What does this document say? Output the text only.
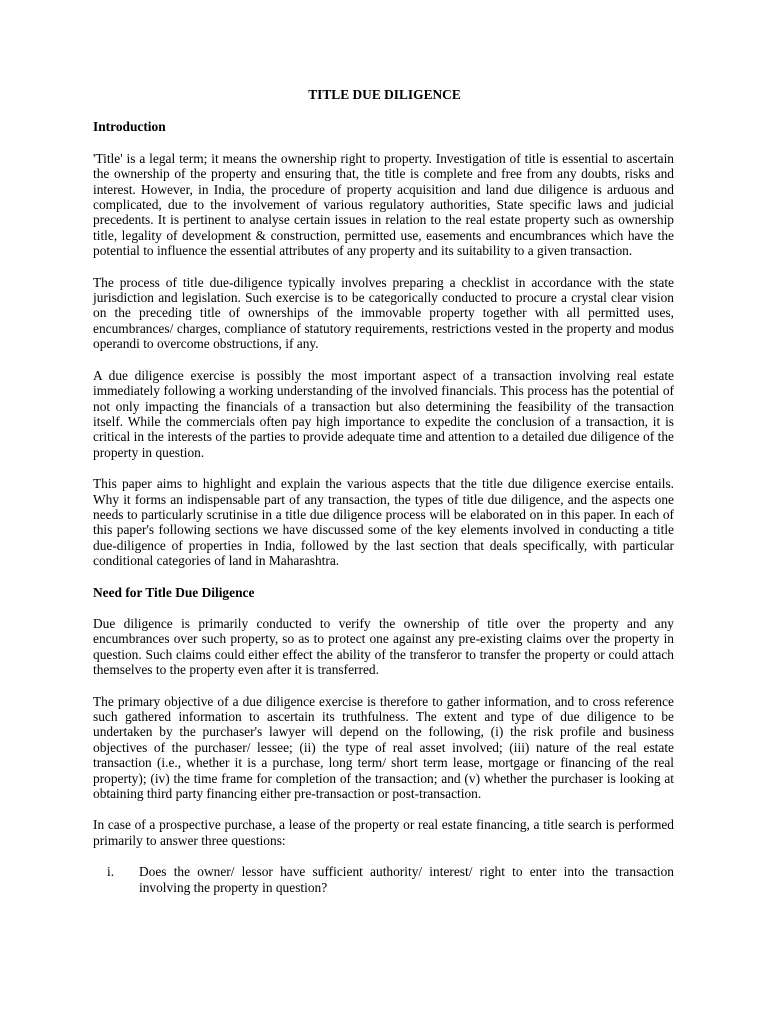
TITLE DUE DILIGENCE
Introduction

'Title' is a legal term; it means the ownership right to property. Investigation of title is essential to ascertain the ownership of the property and ensuring that, the title is complete and free from any doubts, risks and interest. However, in India, the procedure of property acquisition and land due diligence is arduous and complicated, due to the involvement of various regulatory authorities, State specific laws and judicial precedents. It is pertinent to analyse certain issues in relation to the real estate property such as ownership title, legality of development & construction, permitted use, easements and encumbrances which have the potential to influence the essential attributes of any property and its suitability to a given transaction.

The process of title due-diligence typically involves preparing a checklist in accordance with the state jurisdiction and legislation. Such exercise is to be categorically conducted to procure a crystal clear vision on the preceding title of ownerships of the immovable property together with all permitted uses, encumbrances/ charges, compliance of statutory requirements, restrictions vested in the property and modus operandi to overcome obstructions, if any.

A due diligence exercise is possibly the most important aspect of a transaction involving real estate immediately following a working understanding of the involved financials. This process has the potential of not only impacting the financials of a transaction but also determining the feasibility of the transaction itself. While the commercials often pay high importance to expedite the conclusion of a transaction, it is critical in the interests of the parties to provide adequate time and attention to a detailed due diligence of the property in question.

This paper aims to highlight and explain the various aspects that the title due diligence exercise entails. Why it forms an indispensable part of any transaction, the types of title due diligence, and the aspects one needs to particularly scrutinise in a title due diligence process will be elaborated on in this paper. In each of this paper's following sections we have discussed some of the key elements involved in conducting a title due-diligence of properties in India, followed by the last section that deals specifically, with particular conditional categories of land in Maharashtra.

Need for Title Due Diligence

Due diligence is primarily conducted to verify the ownership of title over the property and any encumbrances over such property, so as to protect one against any pre-existing claims over the property in question. Such claims could either effect the ability of the transferor to transfer the property or could attach themselves to the property even after it is transferred.

The primary objective of a due diligence exercise is therefore to gather information, and to cross reference such gathered information to ascertain its truthfulness. The extent and type of due diligence to be undertaken by the purchaser's lawyer will depend on the following, (i) the risk profile and business objectives of the purchaser/ lessee; (ii) the type of real asset involved; (iii) nature of the real estate transaction (i.e., whether it is a purchase, long term/ short term lease, mortgage or financing of the real property); (iv) the time frame for completion of the transaction; and (v) whether the purchaser is looking at obtaining third party financing either pre-transaction or post-transaction.

In case of a prospective purchase, a lease of the property or real estate financing, a title search is performed primarily to answer three questions:

i. Does the owner/ lessor have sufficient authority/ interest/ right to enter into the transaction involving the property in question?
